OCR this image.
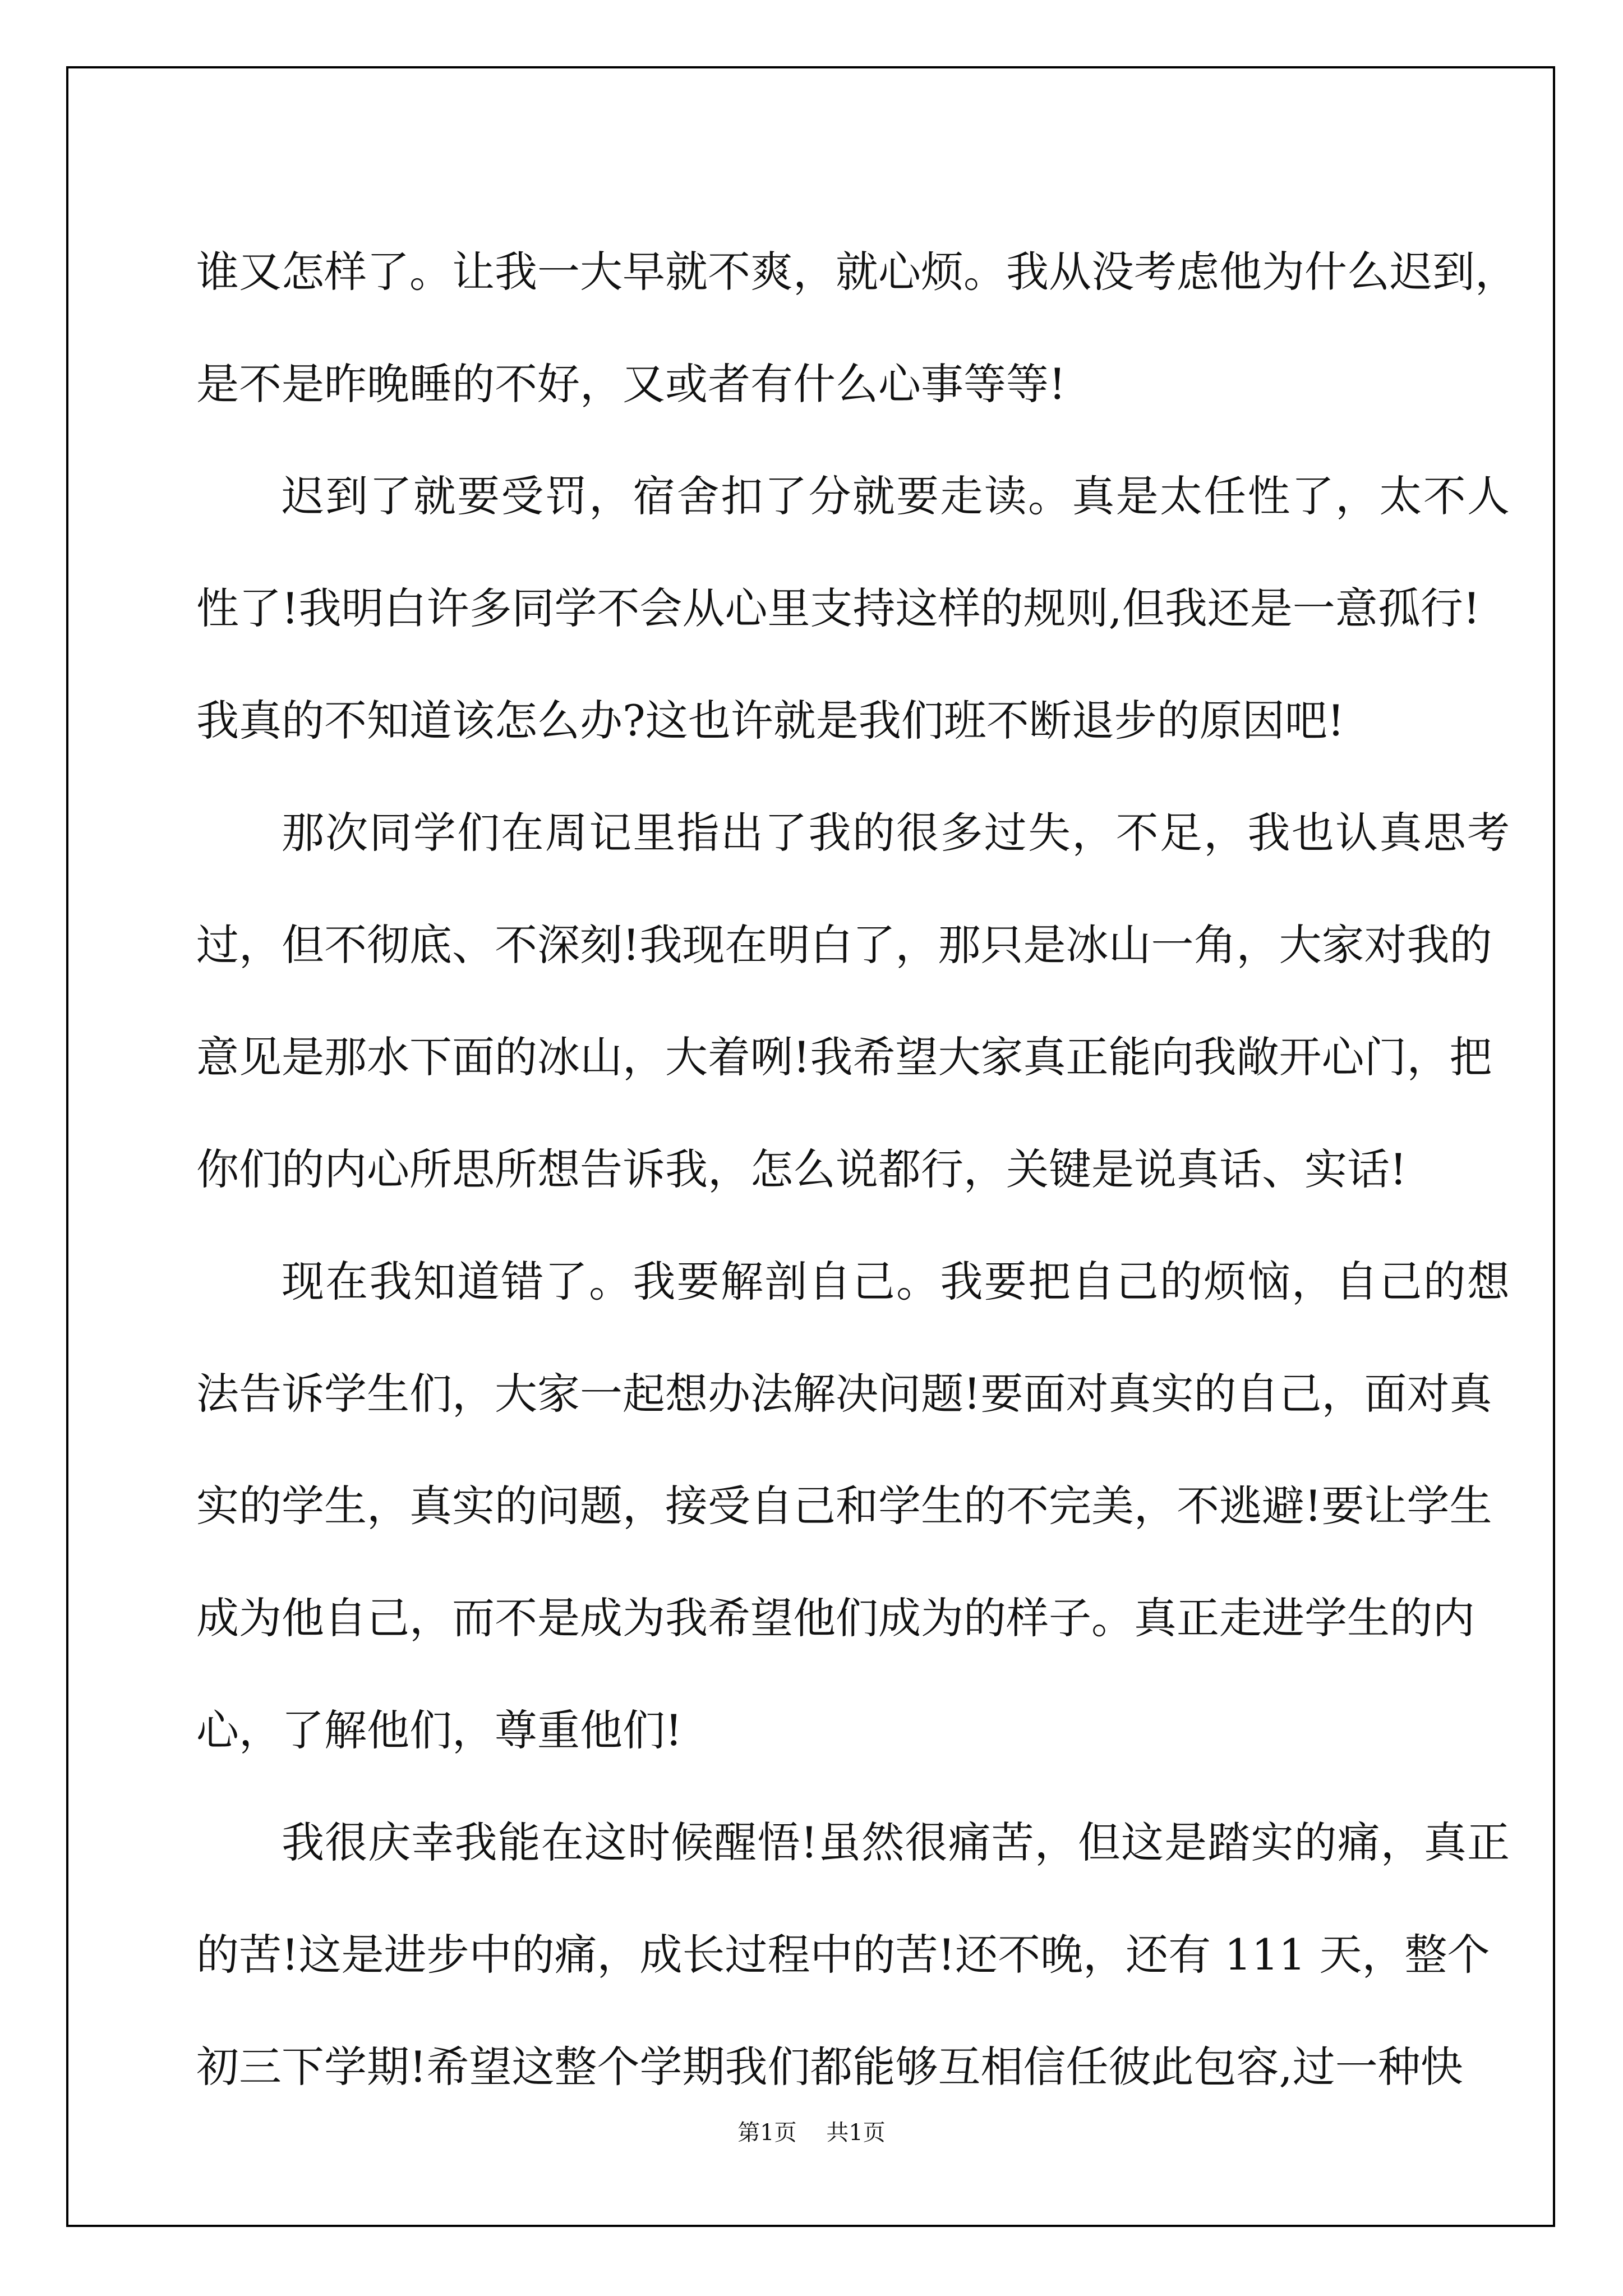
谁又怎样了。让我一大早就不爽，就心烦。我从没考虑他为什么迟到，
是不是昨晚睡的不好，又或者有什么心事等等!
迟到了就要受罚，宿舍扣了分就要走读。真是太任性了，太不人
性了!我明白许多同学不会从心里支持这样的规则,但我还是一意孤行!
我真的不知道该怎么办?这也许就是我们班不断退步的原因吧!
那次同学们在周记里指出了我的很多过失，不足，我也认真思考
过，但不彻底、不深刻!我现在明白了，那只是冰山一角，大家对我的
意见是那水下面的冰山，大着咧!我希望大家真正能向我敞开心门，把
你们的内心所思所想告诉我，怎么说都行，关键是说真话、实话!
现在我知道错了。我要解剖自己。我要把自己的烦恼，自己的想
法告诉学生们，大家一起想办法解决问题!要面对真实的自己，面对真
实的学生，真实的问题，接受自己和学生的不完美，不逃避!要让学生
成为他自己，而不是成为我希望他们成为的样子。真正走进学生的内
心，了解他们，尊重他们!
我很庆幸我能在这时候醒悟!虽然很痛苦，但这是踏实的痛，真正
的苦!这是进步中的痛，成长过程中的苦!还不晚，还有 111 天，整个
初三下学期!希望这整个学期我们都能够互相信任彼此包容,过一种快
第1页 共1页
